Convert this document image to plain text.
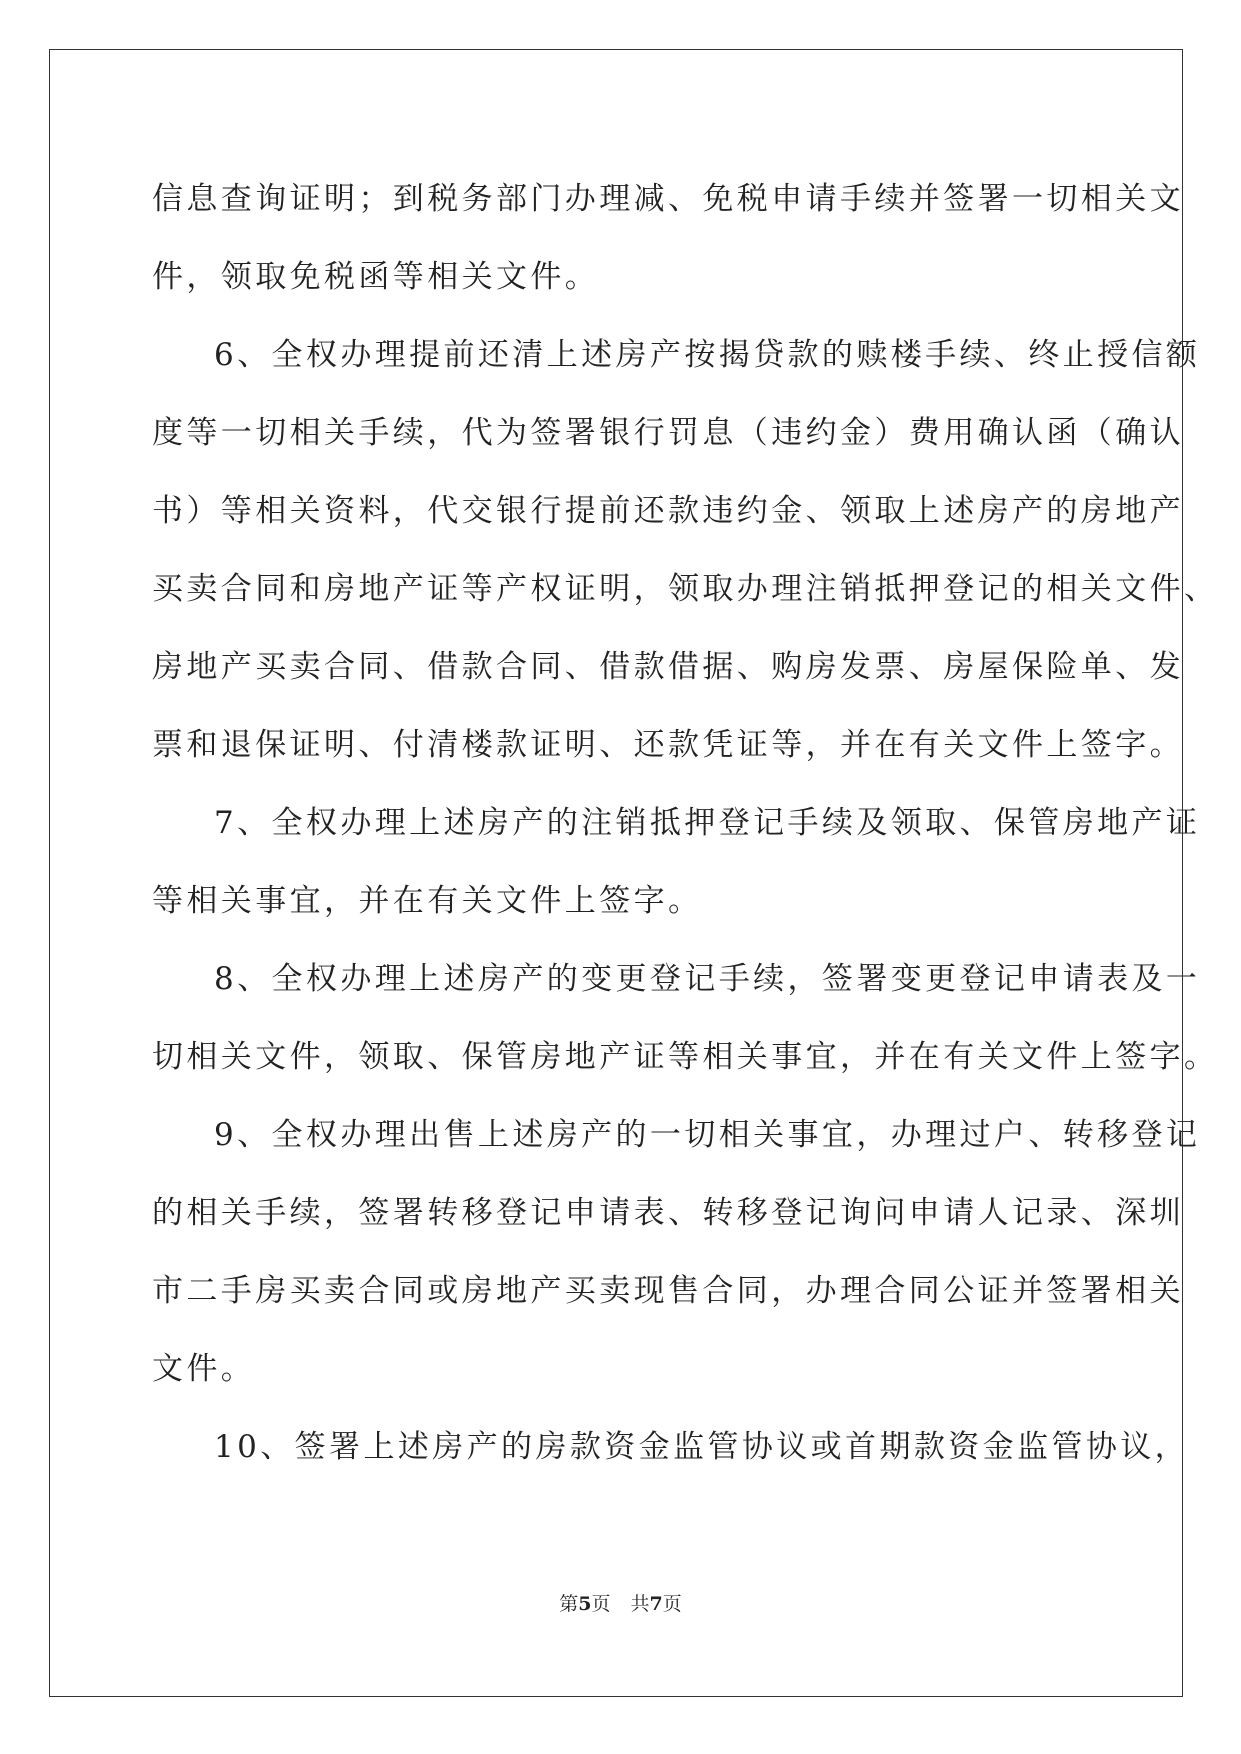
信息查询证明；到税务部门办理减、免税申请手续并签署一切相关文
件，领取免税函等相关文件。
6、全权办理提前还清上述房产按揭贷款的赎楼手续、终止授信额
度等一切相关手续，代为签署银行罚息（违约金）费用确认函（确认
书）等相关资料，代交银行提前还款违约金、领取上述房产的房地产
买卖合同和房地产证等产权证明，领取办理注销抵押登记的相关文件、
房地产买卖合同、借款合同、借款借据、购房发票、房屋保险单、发
票和退保证明、付清楼款证明、还款凭证等，并在有关文件上签字。
7、全权办理上述房产的注销抵押登记手续及领取、保管房地产证
等相关事宜，并在有关文件上签字。
8、全权办理上述房产的变更登记手续，签署变更登记申请表及一
切相关文件，领取、保管房地产证等相关事宜，并在有关文件上签字。
9、全权办理出售上述房产的一切相关事宜，办理过户、转移登记
的相关手续，签署转移登记申请表、转移登记询问申请人记录、深圳
市二手房买卖合同或房地产买卖现售合同，办理合同公证并签署相关
文件。
10、签署上述房产的房款资金监管协议或首期款资金监管协议，
第5页 共7页
